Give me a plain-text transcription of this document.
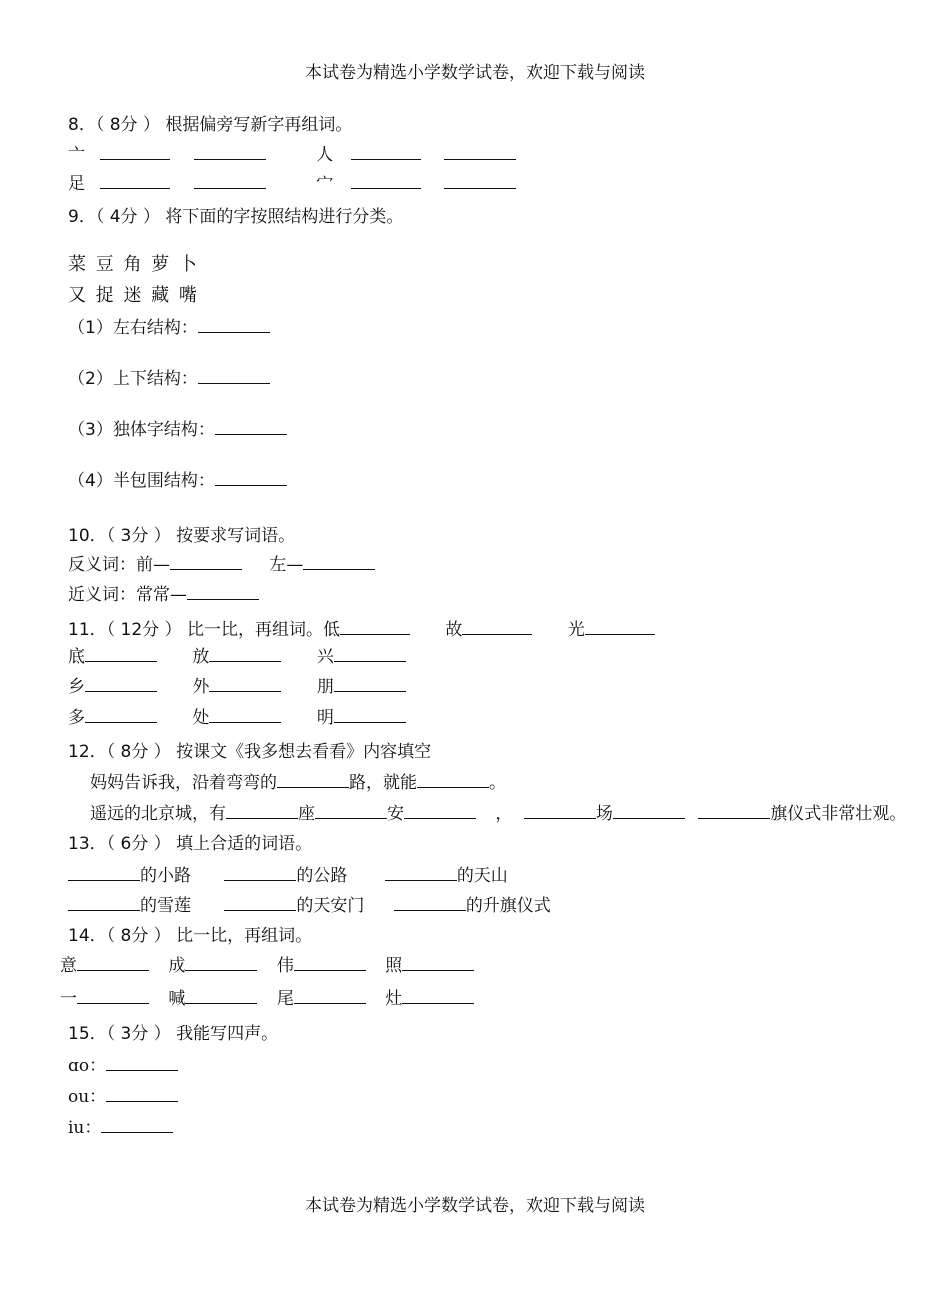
本试卷为精选小学数学试卷，欢迎下载与阅读
8．（ 8分 ） 根据偏旁写新字再组词。
亠	人
足	宀
9．（ 4分 ） 将下面的字按照结构进行分类。
菜 豆 角 萝 卜
又 捉 迷 藏 嘴
（1）左右结构：
（2）上下结构：
（3）独体字结构：
（4）半包围结构：
10．（ 3分 ） 按要求写词语。
反义词：前—	左—
近义词：常常—
11．（ 12分 ） 比一比，再组词。低	故	光
底	放	兴
乡	外	朋
多	处	明
12．（ 8分 ） 按课文《我多想去看看》内容填空
妈妈告诉我，沿着弯弯的	路，就能	。
遥远的北京城，有	座	安	，	场	旗仪式非常壮观。
13．（ 6分 ） 填上合适的词语。
的小路	的公路	的天山
的雪莲	的天安门	的升旗仪式
14．（ 8分 ） 比一比，再组词。
意	成	伟	照
一	喊	尾	灶
15．（ 3分 ） 我能写四声。
ɑo：
ou：
iu：
本试卷为精选小学数学试卷，欢迎下载与阅读
